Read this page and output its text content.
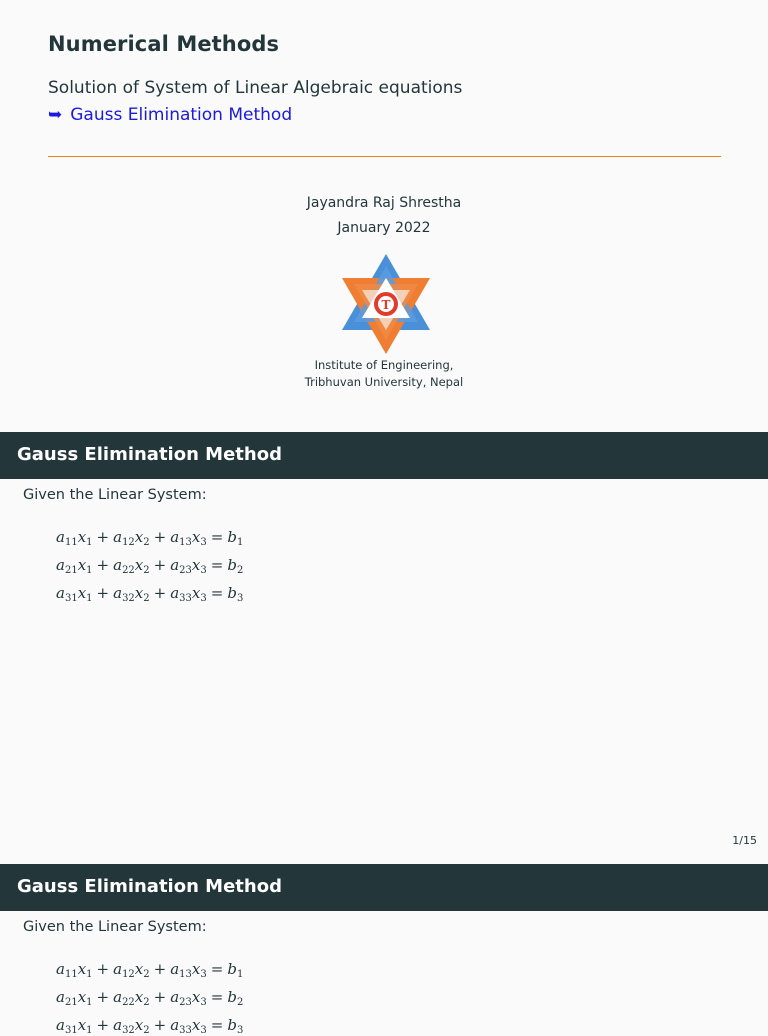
Numerical Methods
Solution of System of Linear Algebraic equations
➥ Gauss Elimination Method
Jayandra Raj Shrestha
January 2022
T
Institute of Engineering,
Tribhuvan University, Nepal
Gauss Elimination Method
Given the Linear System:
$a_{11}x_1 + a_{12}x_2 + a_{13}x_3 = b_1$
$a_{21}x_1 + a_{22}x_2 + a_{23}x_3 = b_2$
$a_{31}x_1 + a_{32}x_2 + a_{33}x_3 = b_3$
1/15
Gauss Elimination Method
Given the Linear System:
$a_{11}x_1 + a_{12}x_2 + a_{13}x_3 = b_1$
$a_{21}x_1 + a_{22}x_2 + a_{23}x_3 = b_2$
$a_{31}x_1 + a_{32}x_2 + a_{33}x_3 = b_3$
